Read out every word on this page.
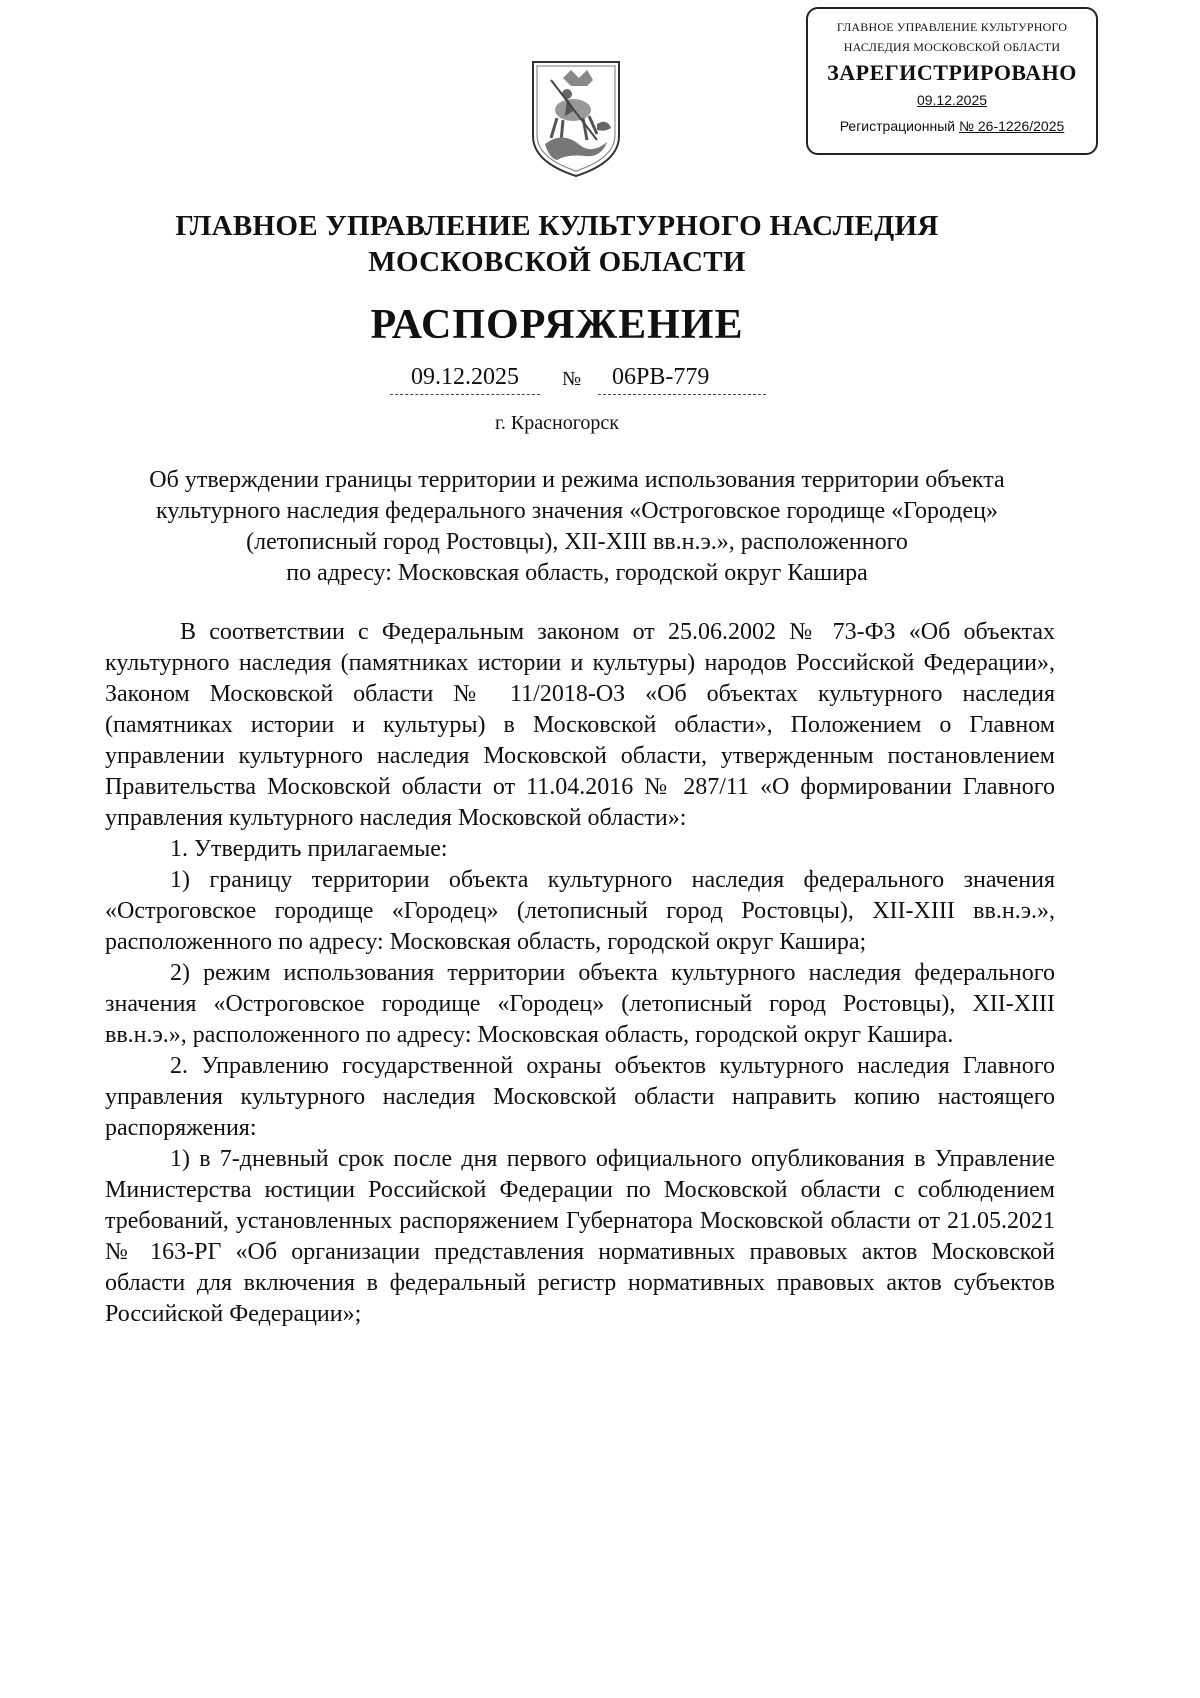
ГЛАВНОЕ УПРАВЛЕНИЕ КУЛЬТУРНОГО
НАСЛЕДИЯ МОСКОВСКОЙ ОБЛАСТИ
ЗАРЕГИСТРИРОВАНО
09.12.2025
Регистрационный № 26-1226/2025
ГЛАВНОЕ УПРАВЛЕНИЕ КУЛЬТУРНОГО НАСЛЕДИЯ
МОСКОВСКОЙ ОБЛАСТИ
РАСПОРЯЖЕНИЕ
09.12.2025	№	06РВ-779
г. Красногорск
Об утверждении границы территории и режима использования территории объекта
культурного наследия федерального значения «Остроговское городище «Городец»
(летописный город Ростовцы), XII-XIII вв.н.э.», расположенного
по адресу: Московская область, городской округ Кашира

В соответствии с Федеральным законом от 25.06.2002 № 73-ФЗ «Об объектах культурного наследия (памятниках истории и культуры) народов Российской Федерации», Законом Московской области № 11/2018-ОЗ «Об объектах культурного наследия (памятниках истории и культуры) в Московской области», Положением о Главном управлении культурного наследия Московской области, утвержденным постановлением Правительства Московской области от 11.04.2016 № 287/11 «О формировании Главного управления культурного наследия Московской области»:

1. Утвердить прилагаемые:

1) границу территории объекта культурного наследия федерального значения «Остроговское городище «Городец» (летописный город Ростовцы), XII-XIII вв.н.э.», расположенного по адресу: Московская область, городской округ Кашира;

2) режим использования территории объекта культурного наследия федерального значения «Остроговское городище «Городец» (летописный город Ростовцы), XII-XIII вв.н.э.», расположенного по адресу: Московская область, городской округ Кашира.

2. Управлению государственной охраны объектов культурного наследия Главного управления культурного наследия Московской области направить копию настоящего распоряжения:

1) в 7-дневный срок после дня первого официального опубликования в Управление Министерства юстиции Российской Федерации по Московской области с соблюдением требований, установленных распоряжением Губернатора Московской области от 21.05.2021 № 163-РГ «Об организации представления нормативных правовых актов Московской области для включения в федеральный регистр нормативных правовых актов субъектов Российской Федерации»;
